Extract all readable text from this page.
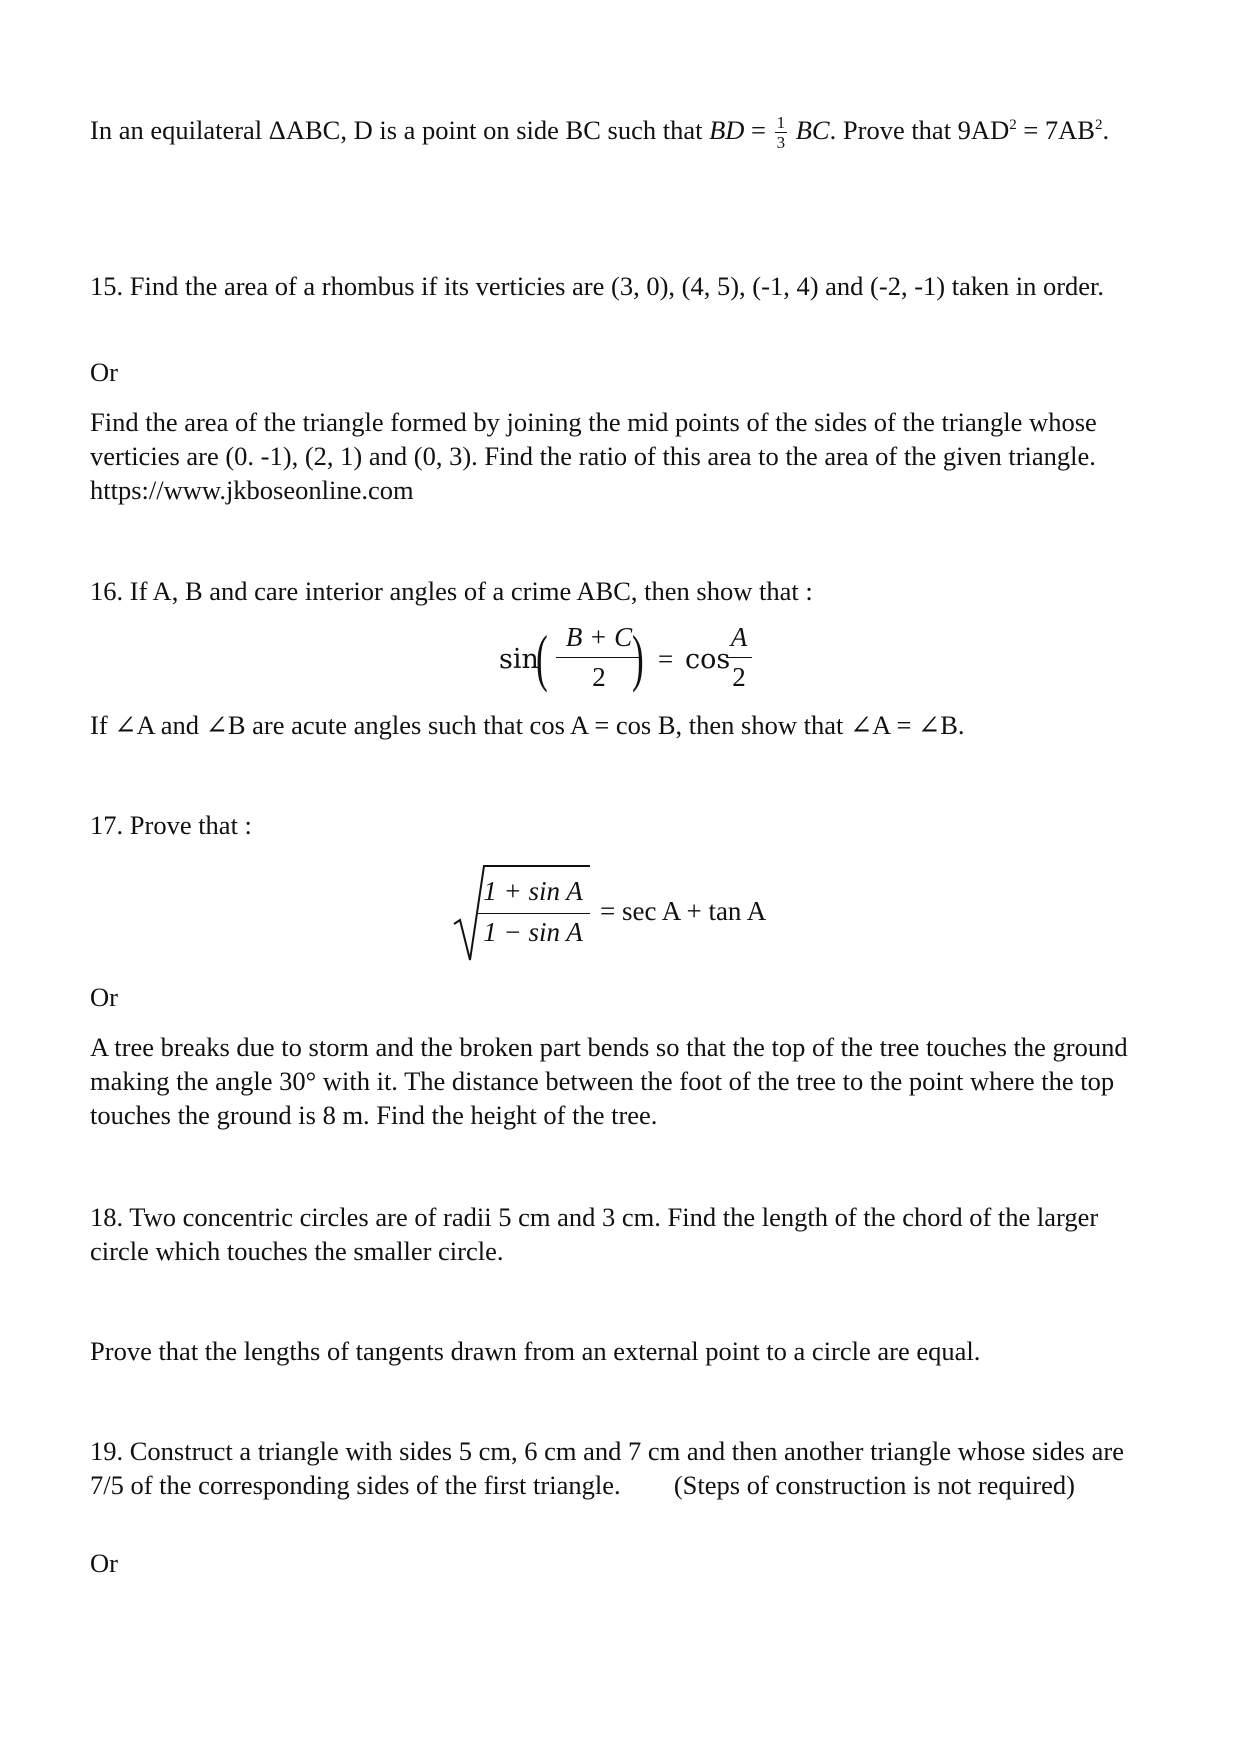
In an equilateral ΔABC, D is a point on side BC such that BD = $\frac{1}{3}$ BC. Prove that $9AD^2 = 7AB^2$.

15. Find the area of a rhombus if its verticies are (3, 0), (4, 5), (-1, 4) and (-2, -1) taken in order.

Or

Find the area of the triangle formed by joining the mid points of the sides of the triangle whose verticies are (0. -1), (2, 1) and (0, 3). Find the ratio of this area to the area of the given triangle. https://www.jkboseonline.com

16. If A, B and care interior angles of a crime ABC, then show that :

sin
( B + C
2 ) = cos
A
2

If ∠A and ∠B are acute angles such that cos A = cos B, then show that ∠A = ∠B.

17. Prove that :

1 + sin A
1 − sin A
= sec A + tan A

Or

A tree breaks due to storm and the broken part bends so that the top of the tree touches the ground making the angle 30° with it. The distance between the foot of the tree to the point where the top touches the ground is 8 m. Find the height of the tree.

18. Two concentric circles are of radii 5 cm and 3 cm. Find the length of the chord of the larger circle which touches the smaller circle.

Prove that the lengths of tangents drawn from an external point to a circle are equal.

19. Construct a triangle with sides 5 cm, 6 cm and 7 cm and then another triangle whose sides are 7/5 of the corresponding sides of the first triangle. (Steps of construction is not required)

Or
